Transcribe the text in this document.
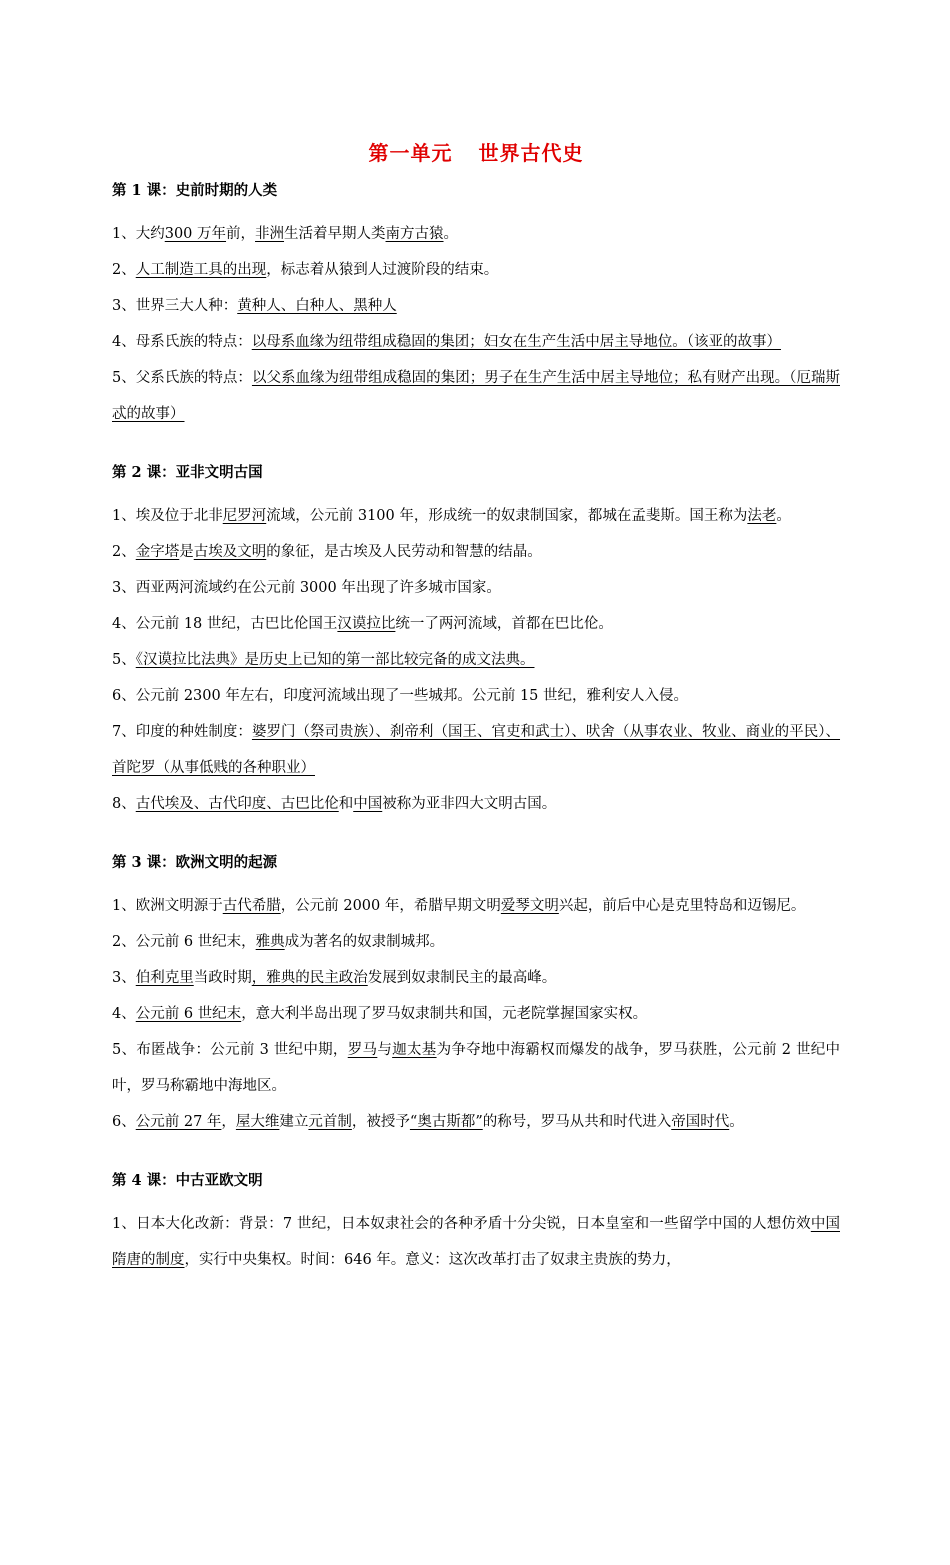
第一单元 世界古代史
第 1 课：史前时期的人类

1、大约300 万年前，非洲生活着早期人类南方古猿。

2、人工制造工具的出现，标志着从猿到人过渡阶段的结束。

3、世界三大人种：黄种人、白种人、黑种人

4、母系氏族的特点：以母系血缘为纽带组成稳固的集团；妇女在生产生活中居主导地位。（该亚的故事）

5、父系氏族的特点：以父系血缘为纽带组成稳固的集团；男子在生产生活中居主导地位；私有财产出现。（厄瑞斯忒的故事）

第 2 课：亚非文明古国

1、埃及位于北非尼罗河流域，公元前 3100 年，形成统一的奴隶制国家，都城在孟斐斯。国王称为法老。

2、金字塔是古埃及文明的象征，是古埃及人民劳动和智慧的结晶。

3、西亚两河流域约在公元前 3000 年出现了许多城市国家。

4、公元前 18 世纪，古巴比伦国王汉谟拉比统一了两河流域，首都在巴比伦。

5、《汉谟拉比法典》是历史上已知的第一部比较完备的成文法典。

6、公元前 2300 年左右，印度河流域出现了一些城邦。公元前 15 世纪，雅利安人入侵。

7、印度的种姓制度：婆罗门（祭司贵族）、刹帝利（国王、官吏和武士）、吠舍（从事农业、牧业、商业的平民）、首陀罗（从事低贱的各种职业）

8、古代埃及、古代印度、古巴比伦和中国被称为亚非四大文明古国。

第 3 课：欧洲文明的起源

1、欧洲文明源于古代希腊，公元前 2000 年，希腊早期文明爱琴文明兴起，前后中心是克里特岛和迈锡尼。

2、公元前 6 世纪末，雅典成为著名的奴隶制城邦。

3、伯利克里当政时期，雅典的民主政治发展到奴隶制民主的最高峰。

4、公元前 6 世纪末，意大利半岛出现了罗马奴隶制共和国，元老院掌握国家实权。

5、布匿战争：公元前 3 世纪中期，罗马与迦太基为争夺地中海霸权而爆发的战争，罗马获胜，公元前 2 世纪中叶，罗马称霸地中海地区。

6、公元前 27 年，屋大维建立元首制，被授予“奥古斯都”的称号，罗马从共和时代进入帝国时代。

第 4 课：中古亚欧文明

1、日本大化改新：背景：7 世纪，日本奴隶社会的各种矛盾十分尖锐，日本皇室和一些留学中国的人想仿效中国隋唐的制度，实行中央集权。时间：646 年。意义：这次改革打击了奴隶主贵族的势力，
